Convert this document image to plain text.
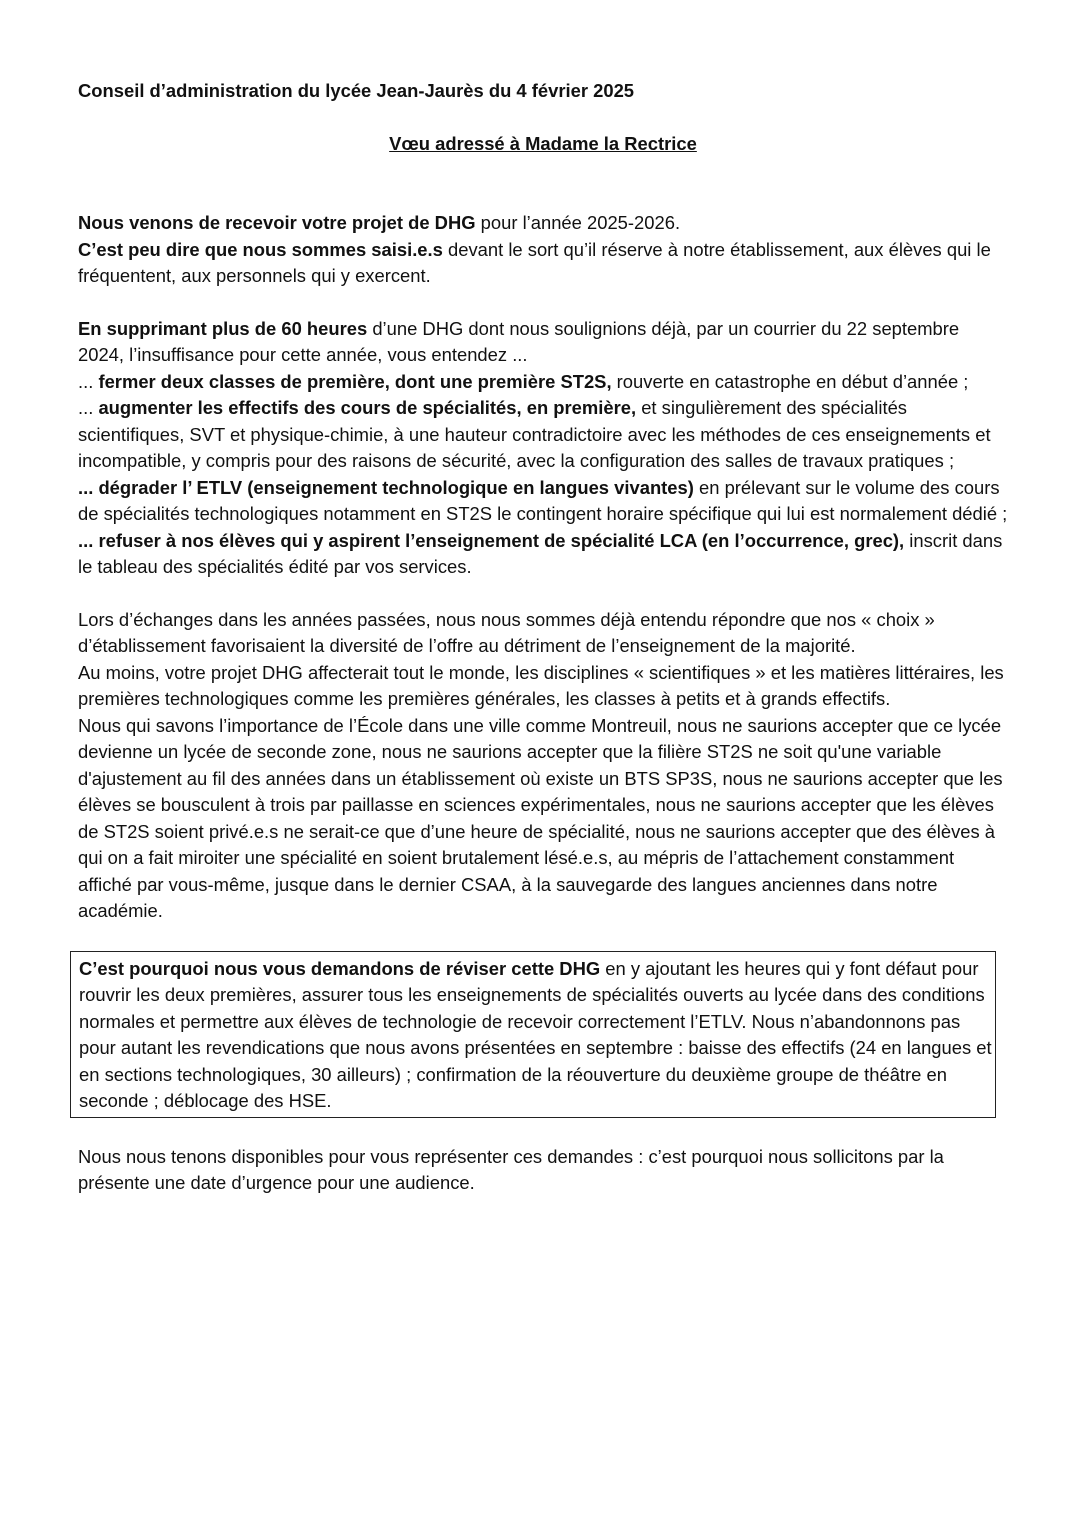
Conseil d’administration du lycée Jean-Jaurès du 4 février 2025

Vœu adressé à Madame la Rectrice

Nous venons de recevoir votre projet de DHG pour l’année 2025-2026.

C’est peu dire que nous sommes saisi.e.s devant le sort qu’il réserve à notre établissement, aux élèves qui le fréquentent, aux personnels qui y exercent.

En supprimant plus de 60 heures d’une DHG dont nous soulignions déjà, par un courrier du 22 septembre 2024, l’insuffisance pour cette année, vous entendez ...

... fermer deux classes de première, dont une première ST2S, rouverte en catastrophe en début d’année ;

... augmenter les effectifs des cours de spécialités, en première, et singulièrement des spécialités scientifiques, SVT et physique-chimie, à une hauteur contradictoire avec les méthodes de ces enseignements et incompatible, y compris pour des raisons de sécurité, avec la configuration des salles de travaux pratiques ;

... dégrader l’ ETLV (enseignement technologique en langues vivantes) en prélevant sur le volume des cours de spécialités technologiques notamment en ST2S le contingent horaire spécifique qui lui est normalement dédié ;

... refuser à nos élèves qui y aspirent l’enseignement de spécialité LCA (en l’occurrence, grec), inscrit dans le tableau des spécialités édité par vos services.

Lors d’échanges dans les années passées, nous nous sommes déjà entendu répondre que nos « choix » d’établissement favorisaient la diversité de l’offre au détriment de l’enseignement de la majorité.

Au moins, votre projet DHG affecterait tout le monde, les disciplines « scientifiques » et les matières littéraires, les premières technologiques comme les premières générales, les classes à petits et à grands effectifs.

Nous qui savons l’importance de l’École dans une ville comme Montreuil, nous ne saurions accepter que ce lycée devienne un lycée de seconde zone, nous ne saurions accepter que la filière ST2S ne soit qu'une variable d'ajustement au fil des années dans un établissement où existe un BTS SP3S, nous ne saurions accepter que les élèves se bousculent à trois par paillasse en sciences expérimentales, nous ne saurions accepter que les élèves de ST2S soient privé.e.s ne serait-ce que d’une heure de spécialité, nous ne saurions accepter que des élèves à qui on a fait miroiter une spécialité en soient brutalement lésé.e.s, au mépris de l’attachement constamment affiché par vous-même, jusque dans le dernier CSAA, à la sauvegarde des langues anciennes dans notre académie.

C’est pourquoi nous vous demandons de réviser cette DHG en y ajoutant les heures qui y font défaut pour rouvrir les deux premières, assurer tous les enseignements de spécialités ouverts au lycée dans des conditions normales et permettre aux élèves de technologie de recevoir correctement l’ETLV. Nous n’abandonnons pas pour autant les revendications que nous avons présentées en septembre : baisse des effectifs (24 en langues et en sections technologiques, 30 ailleurs) ; confirmation de la réouverture du deuxième groupe de théâtre en seconde ; déblocage des HSE.

Nous nous tenons disponibles pour vous représenter ces demandes : c’est pourquoi nous sollicitons par la présente une date d’urgence pour une audience.
